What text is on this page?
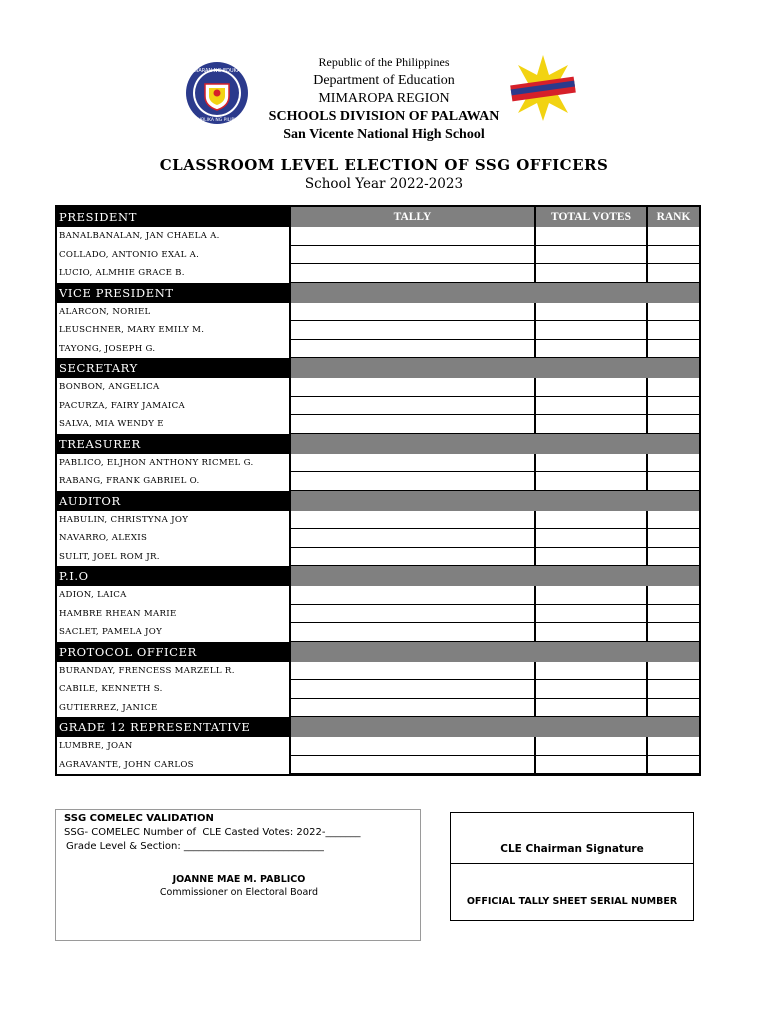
KAGAWARAN NG EDUKASYON
REPUBLIKA NG PILIPINAS
Republic of the Philippines
Department of Education
MIMAROPA REGION
SCHOOLS DIVISION OF PALAWAN
San Vicente National High School
CLASSROOM LEVEL ELECTION OF SSG OFFICERS
School Year 2022-2023
PRESIDENT	TALLY	TOTAL VOTES	RANK
BANALBANALAN, JAN CHAELA A.
COLLADO, ANTONIO EXAL A.
LUCIO, ALMHIE GRACE B.
VICE PRESIDENT
ALARCON, NORIEL
LEUSCHNER, MARY EMILY M.
TAYONG, JOSEPH G.
SECRETARY
BONBON, ANGELICA
PACURZA, FAIRY JAMAICA
SALVA, MIA WENDY E
TREASURER
PABLICO, ELJHON ANTHONY RICMEL G.
RABANG, FRANK GABRIEL O.
AUDITOR
HABULIN, CHRISTYNA JOY
NAVARRO, ALEXIS
SULIT, JOEL ROM JR.
P.I.O
ADION, LAICA
HAMBRE RHEAN MARIE
SACLET, PAMELA JOY
PROTOCOL OFFICER
BURANDAY, FRENCESS MARZELL R.
CABILE, KENNETH S.
GUTIERREZ, JANICE
GRADE 12 REPRESENTATIVE
LUMBRE, JOAN
AGRAVANTE, JOHN CARLOS
SSG COMELEC VALIDATION
SSG- COMELEC Number of  CLE Casted Votes: 2022-_______
Grade Level & Section: ____________________________
JOANNE MAE M. PABLICO
Commissioner on Electoral Board
CLE Chairman Signature
OFFICIAL TALLY SHEET SERIAL NUMBER
